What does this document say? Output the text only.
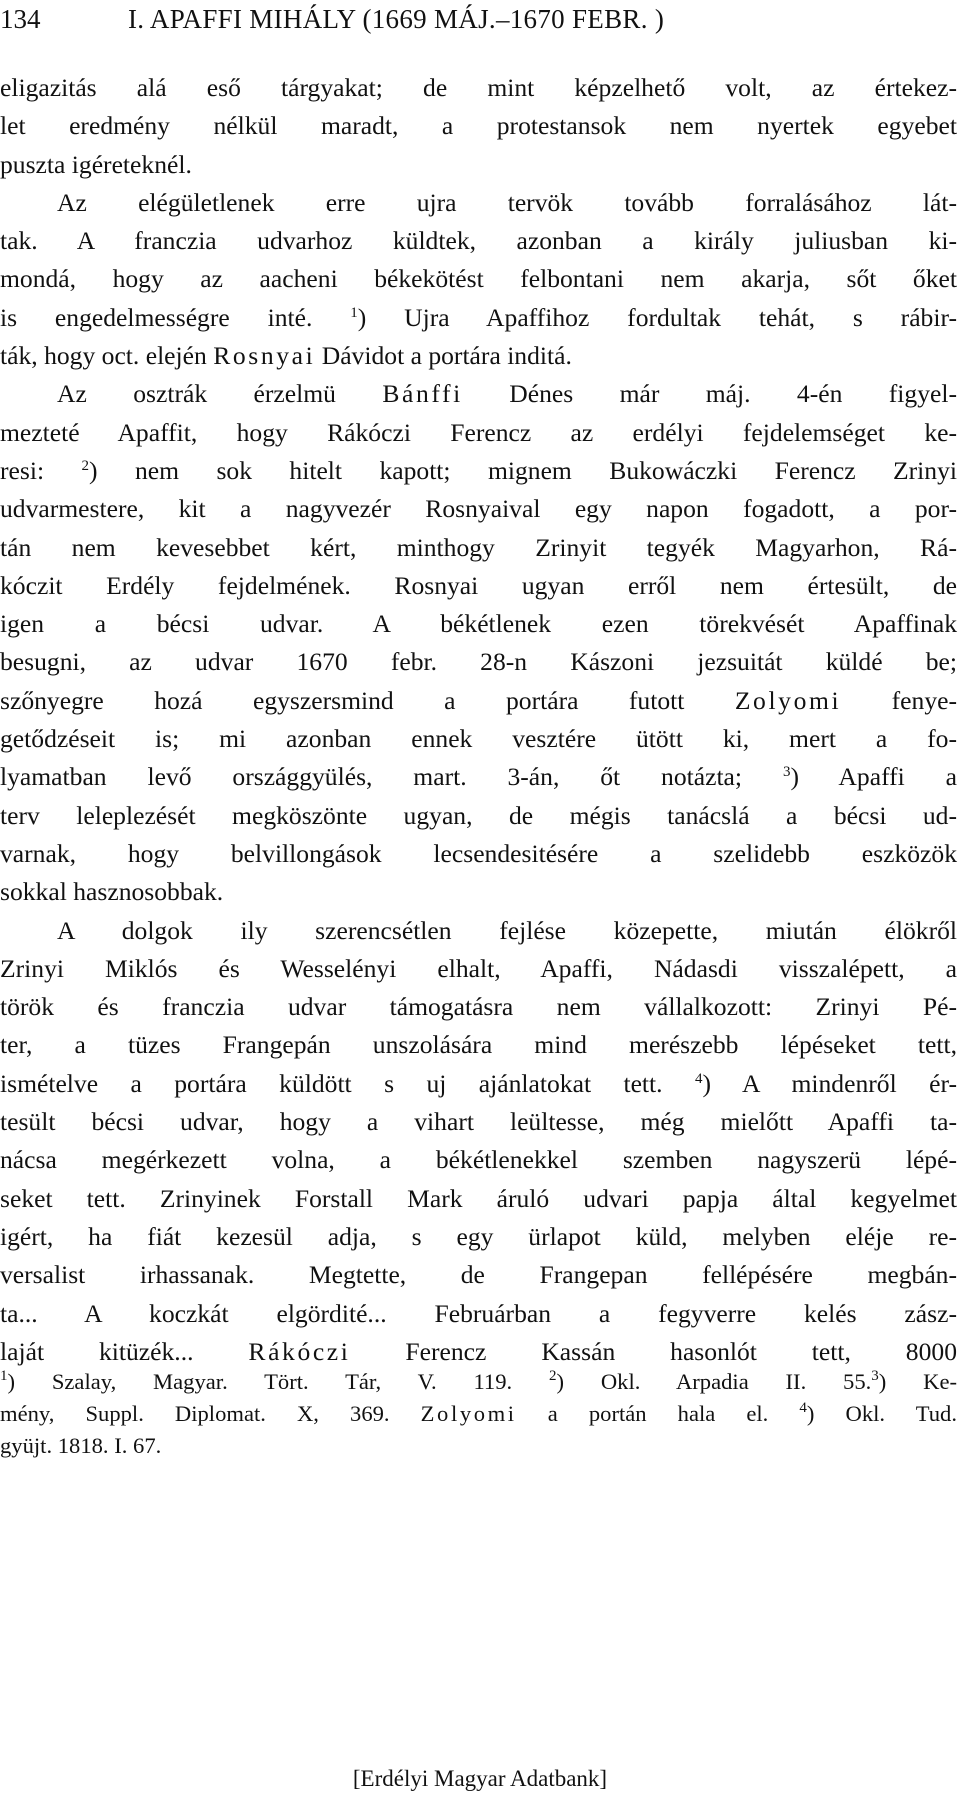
134	I. APAFFI MIHÁLY (1669 MÁJ.–1670 FEBR. )
eligazitás alá eső tárgyakat; de mint képzelhető volt, az értekez-
let eredmény nélkül maradt, a protestansok nem nyertek egyebet
puszta igéreteknél.
Az elégületlenek erre ujra tervök tovább forralásához lát-
tak. A franczia udvarhoz küldtek, azonban a király juliusban ki-
mondá, hogy az aacheni békekötést felbontani nem akarja, sőt őket
is engedelmességre inté.	$^1$) Ujra Apaffihoz fordultak tehát, s rábir-
ták, hogy oct. elején Rosnyai Dávidot a portára inditá.
Az osztrák érzelmü Bánffi Dénes már máj. 4-én figyel-
mezteté Apaffit, hogy Rákóczi Ferencz az erdélyi fejdelemséget ke-
resi: $^2$) nem sok hitelt kapott; mignem Bukowáczki Ferencz Zrinyi
udvarmestere, kit a nagyvezér Rosnyaival egy napon fogadott, a por-
tán nem kevesebbet kért, minthogy Zrinyit tegyék Magyarhon, Rá-
kóczit Erdély fejdelmének. Rosnyai ugyan erről nem értesült, de
igen a bécsi udvar. A békétlenek ezen törekvését Apaffinak
besugni, az udvar 1670 febr. 28-n Kászoni jezsuitát küldé be;
szőnyegre hozá egyszersmind a portára futott Zolyomi fenye-
getődzéseit is; mi azonban ennek vesztére ütött ki, mert a fo-
lyamatban levő országgyülés, mart. 3-án, őt notázta;	$^3$) Apaffi a
terv leleplezését megköszönte ugyan, de mégis tanácslá a bécsi ud-
varnak, hogy belvillongások lecsendesitésére a szelidebb eszközök
sokkal hasznosobbak.
A dolgok ily szerencsétlen fejlése közepette, miután élökről
Zrinyi Miklós és Wesselényi elhalt, Apaffi, Nádasdi visszalépett, a
török és franczia udvar támogatásra nem vállalkozott: Zrinyi Pé-
ter, a tüzes Frangepán unszolására mind merészebb lépéseket tett,
ismételve a portára küldött s uj ajánlatokat tett. $^4$) A mindenről ér-
tesült bécsi udvar, hogy a vihart leültesse, még mielőtt Apaffi ta-
nácsa megérkezett volna, a békétlenekkel szemben nagyszerü lépé-
seket tett. Zrinyinek Forstall Mark áruló udvari papja által kegyelmet
igért, ha fiát kezesül adja, s egy ürlapot küld, melyben eléje re-
versalist irhassanak. Megtette, de Frangepan fellépésére megbán-
ta... A koczkát elgördité... Februárban a fegyverre kelés zász-
laját kitüzék... Rákóczi Ferencz Kassán hasonlót tett, 8000
$^1$) Szalay, Magyar. Tört. Tár, V. 119. $^2$) Okl. Arpadia II. 55.$^3$) Ke-
mény, Suppl. Diplomat. X, 369. Zolyomi a portán hala el. $^4$) Okl. Tud.
gyüjt. 1818. I. 67.
[Erdélyi Magyar Adatbank]
